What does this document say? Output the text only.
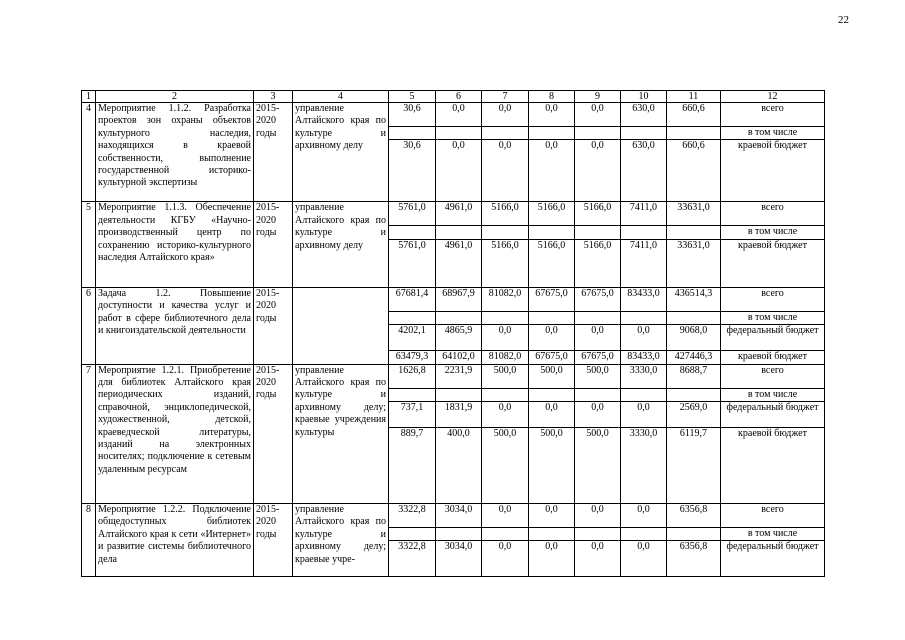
22
1	2	3	4	5	6	7	8	9	10	11	12
4	Мероприятие 1.1.2. Разработка проектов зон охраны объектов культурного наследия, находящихся в краевой собственности, выполнение государственной историко-культурной экспертизы	2015-2020 годы	управление Алтайского края по культуре и архивному делу	30,6	0,0	0,0	0,0	0,0	630,0	660,6	всего
											в том числе
				30,6	0,0	0,0	0,0	0,0	630,0	660,6	краевой бюджет
5	Мероприятие 1.1.3. Обеспечение деятельности КГБУ «Научно-производственный центр по сохранению историко-культурного наследия Алтайского края»	2015-2020 годы	управление Алтайского края по культуре и архивному делу	5761,0	4961,0	5166,0	5166,0	5166,0	7411,0	33631,0	всего
											в том числе
				5761,0	4961,0	5166,0	5166,0	5166,0	7411,0	33631,0	краевой бюджет
6	Задача 1.2. Повышение доступности и качества услуг и работ в сфере библиотечного дела и книгоиздательской деятельности	2015-2020 годы		67681,4	68967,9	81082,0	67675,0	67675,0	83433,0	436514,3	всего
											в том числе
				4202,1	4865,9	0,0	0,0	0,0	0,0	9068,0	федеральный бюджет
				63479,3	64102,0	81082,0	67675,0	67675,0	83433,0	427446,3	краевой бюджет
7	Мероприятие 1.2.1. Приобретение для библиотек Алтайского края периодических изданий, справочной, энциклопедической, художественной, детской, краеведческой литературы, изданий на электронных носителях; подключение к сетевым удаленным ресурсам	2015-2020 годы	управление Алтайского края по культуре и архивному делу; краевые учреждения культуры	1626,8	2231,9	500,0	500,0	500,0	3330,0	8688,7	всего
											в том числе
				737,1	1831,9	0,0	0,0	0,0	0,0	2569,0	федеральный бюджет
				889,7	400,0	500,0	500,0	500,0	3330,0	6119,7	краевой бюджет
8	Мероприятие 1.2.2. Подключение общедоступных библиотек Алтайского края к сети «Интернет» и развитие системы библиотечного дела	2015-2020 годы	управление Алтайского края по культуре и архивному делу; краевые учре-	3322,8	3034,0	0,0	0,0	0,0	0,0	6356,8	всего
											в том числе
				3322,8	3034,0	0,0	0,0	0,0	0,0	6356,8	федеральный бюджет
